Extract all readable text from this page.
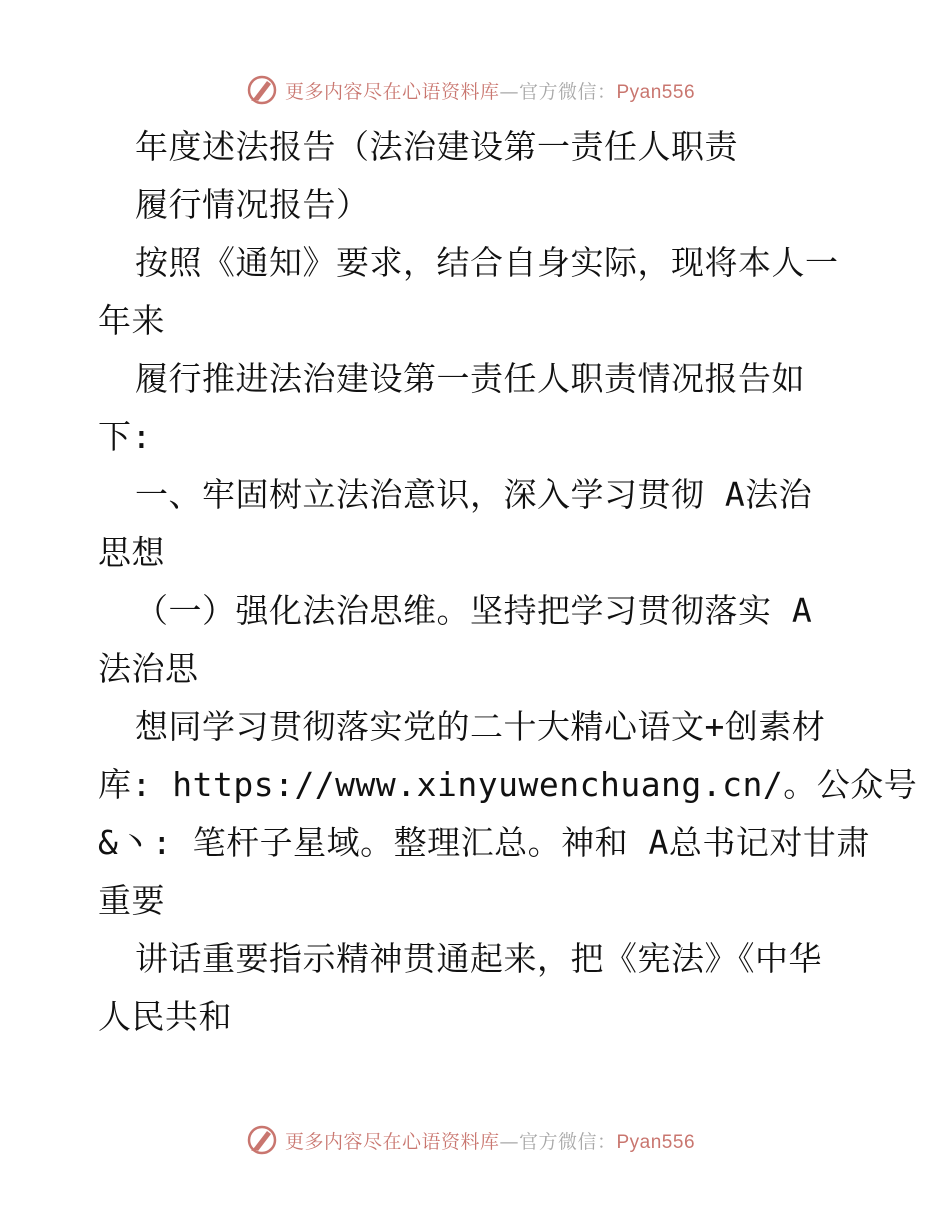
更多内容尽在心语资料库—官方微信：Pyan556
年度述法报告（法治建设第一责任人职责
履行情况报告）
按照《通知》要求，结合自身实际，现将本人一
年来
履行推进法治建设第一责任人职责情况报告如
下:
一、牢固树立法治意识，深入学习贯彻 A法治
思想
（一）强化法治思维。坚持把学习贯彻落实 A
法治思
想同学习贯彻落实党的二十大精心语文+创素材
库: https://www.xinyuwenchuang.cn/。公众号
&丶: 笔杆子星域。整理汇总。神和 A总书记对甘肃
重要
讲话重要指示精神贯通起来，把《宪法》《中华
人民共和
更多内容尽在心语资料库—官方微信：Pyan556
